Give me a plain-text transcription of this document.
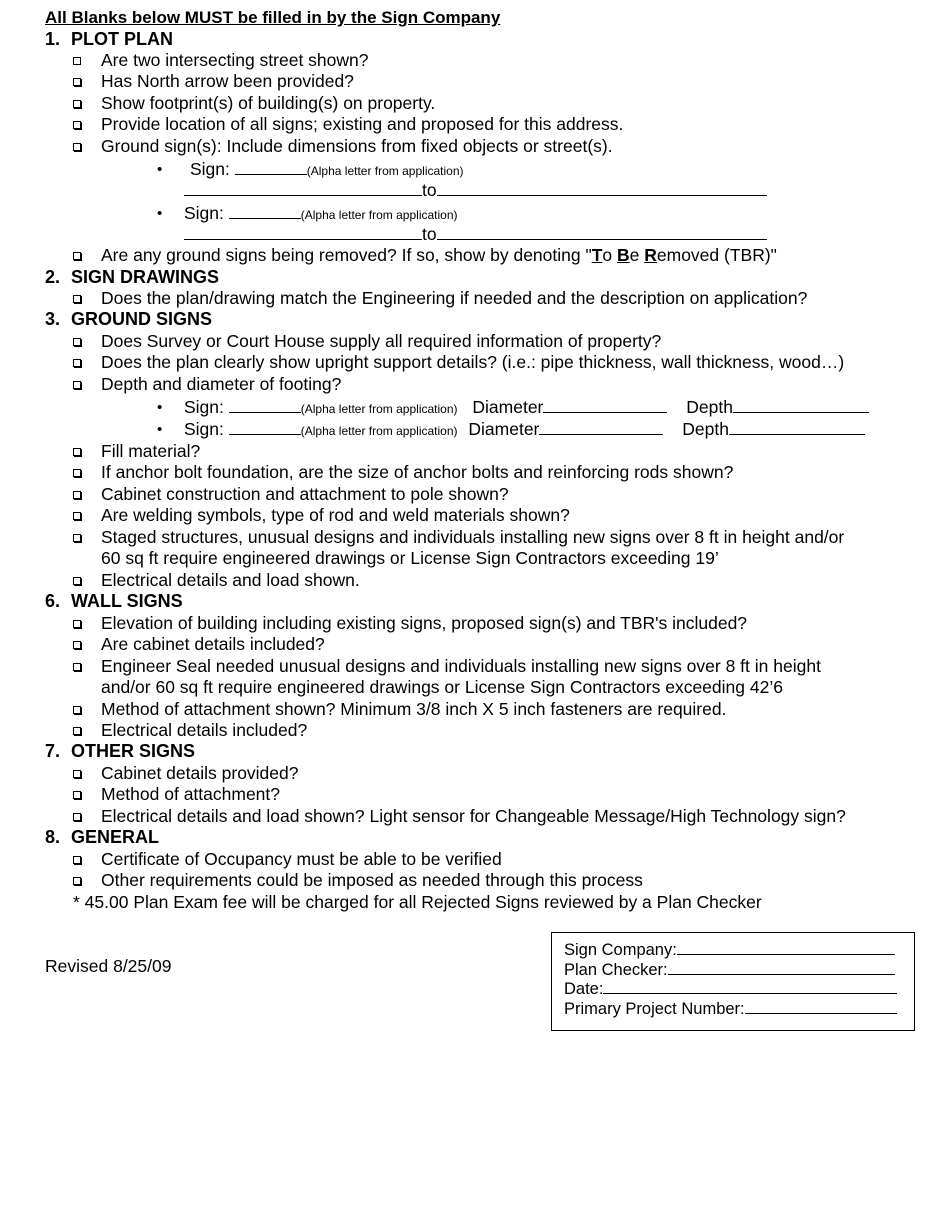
All Blanks below MUST be filled in by the Sign Company
1. PLOT PLAN
Are two intersecting street shown?
Has North arrow been provided?
Show footprint(s) of building(s) on property.
Provide location of all signs; existing and proposed for this address.
Ground sign(s): Include dimensions from fixed objects or street(s).
• Sign:	(Alpha letter from application)
to
• Sign:	(Alpha letter from application)
to
Are any ground signs being removed? If so, show by denoting "To Be Removed (TBR)"
2. SIGN DRAWINGS
Does the plan/drawing match the Engineering if needed and the description on application?
3. GROUND SIGNS
Does Survey or Court House supply all required information of property?
Does the plan clearly show upright support details? (i.e.: pipe thickness, wall thickness, wood…)
Depth and diameter of footing?
• Sign:	(Alpha letter from application) Diameter	Depth
• Sign:	(Alpha letter from application) Diameter	Depth
Fill material?
If anchor bolt foundation, are the size of anchor bolts and reinforcing rods shown?
Cabinet construction and attachment to pole shown?
Are welding symbols, type of rod and weld materials shown?
Staged structures, unusual designs and individuals installing new signs over 8 ft in height and/or
60 sq ft require engineered drawings or License Sign Contractors exceeding 19’
Electrical details and load shown.
6. WALL SIGNS
Elevation of building including existing signs, proposed sign(s) and TBR's included?
Are cabinet details included?
Engineer Seal needed unusual designs and individuals installing new signs over 8 ft in height
and/or 60 sq ft require engineered drawings or License Sign Contractors exceeding 42’6
Method of attachment shown? Minimum 3/8 inch X 5 inch fasteners are required.
Electrical details included?
7. OTHER SIGNS
Cabinet details provided?
Method of attachment?
Electrical details and load shown? Light sensor for Changeable Message/High Technology sign?
8. GENERAL
Certificate of Occupancy must be able to be verified
Other requirements could be imposed as needed through this process
* 45.00 Plan Exam fee will be charged for all Rejected Signs reviewed by a Plan Checker
Revised 8/25/09
Sign Company:
Plan Checker:
Date:
Primary Project Number:
